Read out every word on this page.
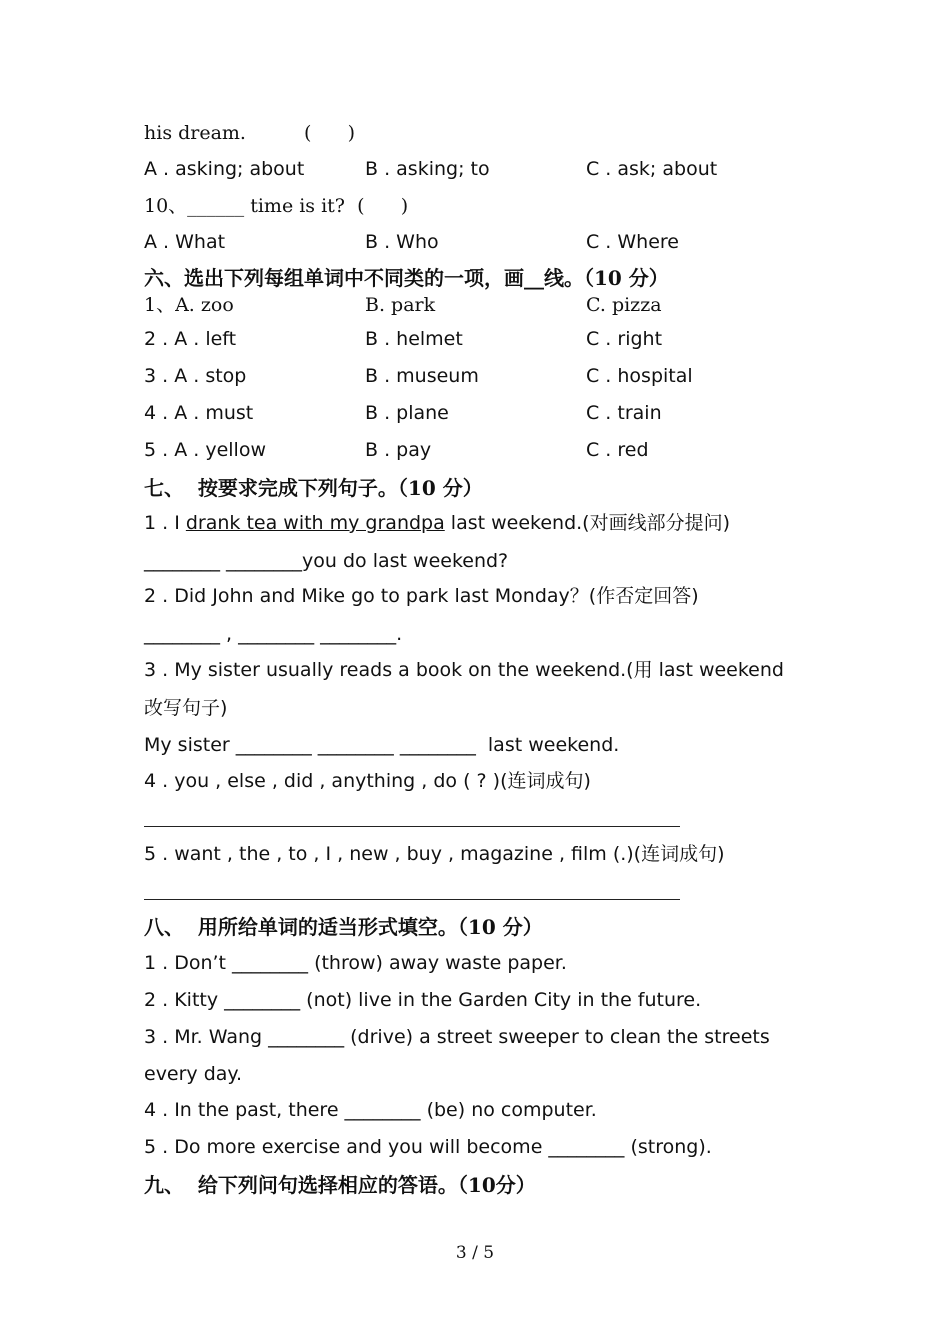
his dream.	(      )
A . asking; about	B . asking; to	C . ask; about
10、______ time is it?  (      )
A . What	B . Who	C . Where
六、选出下列每组单词中不同类的一项，画__线。（10 分）
1、A. zoo	B. park	C. pizza
2 . A . left	B . helmet	C . right
3 . A . stop	B . museum	C . hospital
4 . A . must	B . plane	C . train
5 . A . yellow	B . pay	C . red
七、  按要求完成下列句子。（10 分）
1 . I drank tea with my grandpa last weekend.(对画线部分提问)
________ ________you do last weekend?
2 . Did John and Mike go to park last Monday？(作否定回答)
________ , ________ ________.
3 . My sister usually reads a book on the weekend.(用 last weekend
改写句子)
My sister ________ ________ ________  last weekend.
4 . you , else , did , anything , do ( ? )(连词成句)
5 . want , the , to , I , new , buy , magazine , film (.)(连词成句)
八、  用所给单词的适当形式填空。（10 分）
1 . Don’t ________ (throw) away waste paper.
2 . Kitty ________ (not) live in the Garden City in the future.
3 . Mr. Wang ________ (drive) a street sweeper to clean the streets
every day.
4 . In the past, there ________ (be) no computer.
5 . Do more exercise and you will become ________ (strong).
九、  给下列问句选择相应的答语。（10分）
3 / 5
